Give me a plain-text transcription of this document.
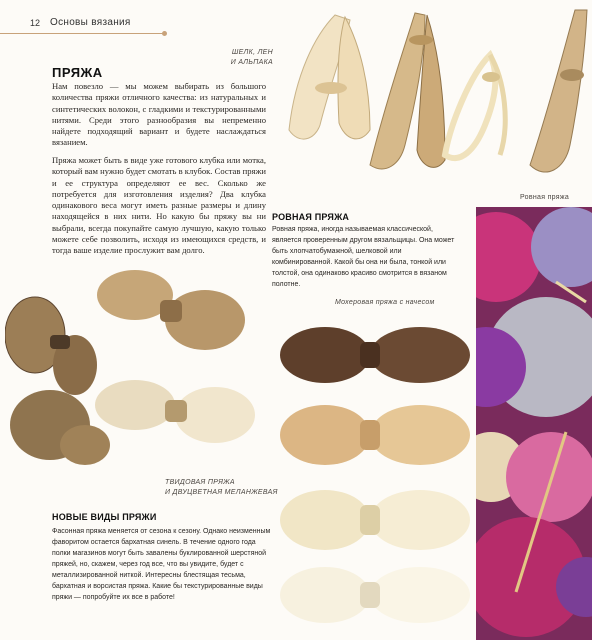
12 Основы вязания
ШЕЛК, ЛЕН
И АЛЬПАКА
Ровная пряжа
ПРЯЖА
Нам повезло — мы можем выбирать из большого количества пряжи отличного качества: из натуральных и синтетических волокон, с гладкими и текстурированными нитями. Среди этого разнообразия вы непременно найдете подходящий вариант и будете наслаждаться вязанием.
Пряжа может быть в виде уже готового клубка или мотка, который вам нужно будет смотать в клубок. Состав пряжи и ее структура определяют ее вес. Сколько же потребуется для изготовления изделия? Два клубка одинакового веса могут иметь разные размеры и длину находящейся в них нити. Но какую бы пряжу вы ни выбрали, всегда покупайте самую лучшую, какую только можете себе позволить, исходя из имеющихся средств, и тогда ваше изделие прослужит вам долго.
РОВНАЯ ПРЯЖА
Ровная пряжа, иногда называемая классической, является проверенным другом вязальщицы. Она может быть хлопчатобумажной, шелковой или комбинированной. Какой бы она ни была, тонкой или толстой, она одинаково красиво смотрится в вязаном полотне.
Мохеровая пряжа с начесом
ТВИДОВАЯ ПРЯЖА
И ДВУЦВЕТНАЯ МЕЛАНЖЕВАЯ
НОВЫЕ ВИДЫ ПРЯЖИ
Фасонная пряжа меняется от сезона к сезону. Однако неизменным фаворитом остается бархатная синель. В течение одного года полки магазинов могут быть завалены буклированной шерстяной пряжей, но, скажем, через год все, что вы увидите, будет с металлизированной ниткой. Интересны блестящая тесьма, бархатная и ворсистая пряжа. Какие бы текстурированные виды пряжи — попробуйте их все в работе!
